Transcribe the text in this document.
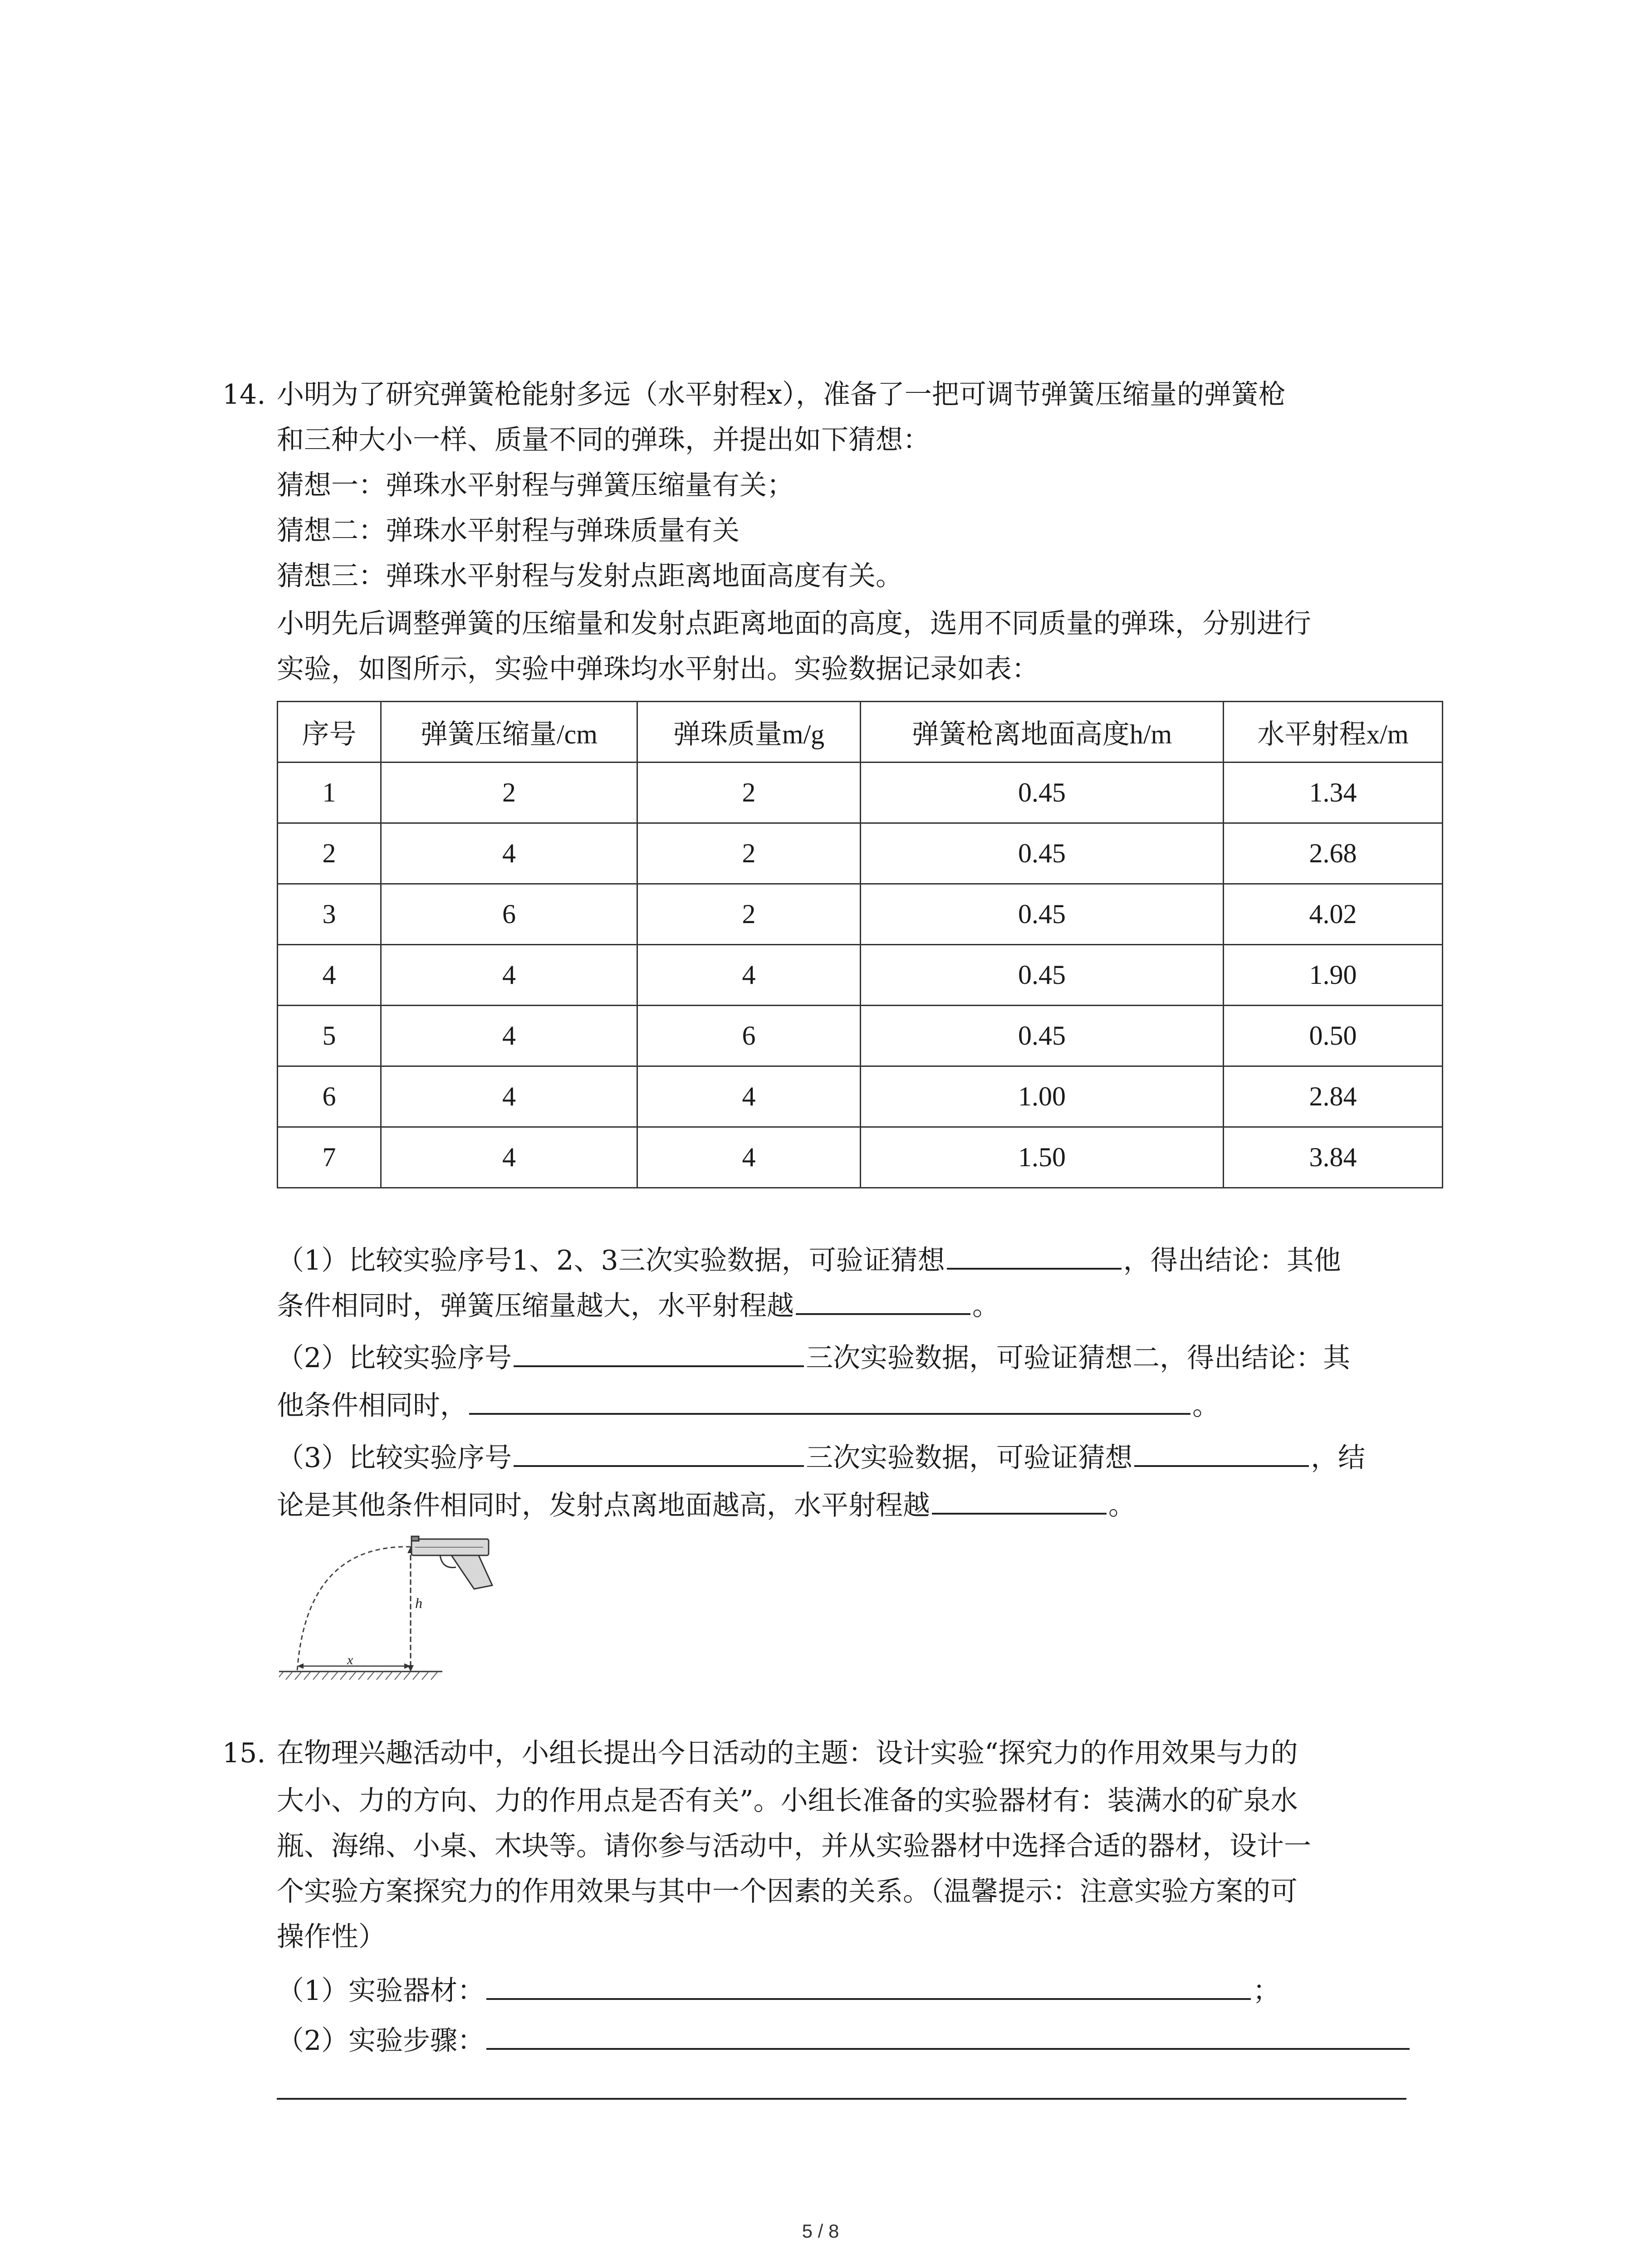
14. 小明为了研究弹簧枪能射多远（水平射程x），准备了一把可调节弹簧压缩量的弹簧枪
和三种大小一样、质量不同的弹珠，并提出如下猜想：
猜想一：弹珠水平射程与弹簧压缩量有关；
猜想二：弹珠水平射程与弹珠质量有关
猜想三：弹珠水平射程与发射点距离地面高度有关。
小明先后调整弹簧的压缩量和发射点距离地面的高度，选用不同质量的弹珠，分别进行
实验，如图所示，实验中弹珠均水平射出。实验数据记录如表：
序号	弹簧压缩量/cm	弹珠质量m/g	弹簧枪离地面高度h/m	水平射程x/m
1	2	2	0.45	1.34
2	4	2	0.45	2.68
3	6	2	0.45	4.02
4	4	4	0.45	1.90
5	4	6	0.45	0.50
6	4	4	1.00	2.84
7	4	4	1.50	3.84
（1）比较实验序号1、2、3三次实验数据，可验证猜想	，得出结论：其他
条件相同时，弹簧压缩量越大，水平射程越	。
（2）比较实验序号	三次实验数据，可验证猜想二，得出结论：其
他条件相同时，	。
（3）比较实验序号	三次实验数据，可验证猜想	，结
论是其他条件相同时，发射点离地面越高，水平射程越	。
h
x
15. 在物理兴趣活动中，小组长提出今日活动的主题：设计实验“探究力的作用效果与力的
大小、力的方向、力的作用点是否有关”。小组长准备的实验器材有：装满水的矿泉水
瓶、海绵、小桌、木块等。请你参与活动中，并从实验器材中选择合适的器材，设计一
个实验方案探究力的作用效果与其中一个因素的关系。（温馨提示：注意实验方案的可
操作性）
（1）实验器材：	；
（2）实验步骤：
5 / 8
